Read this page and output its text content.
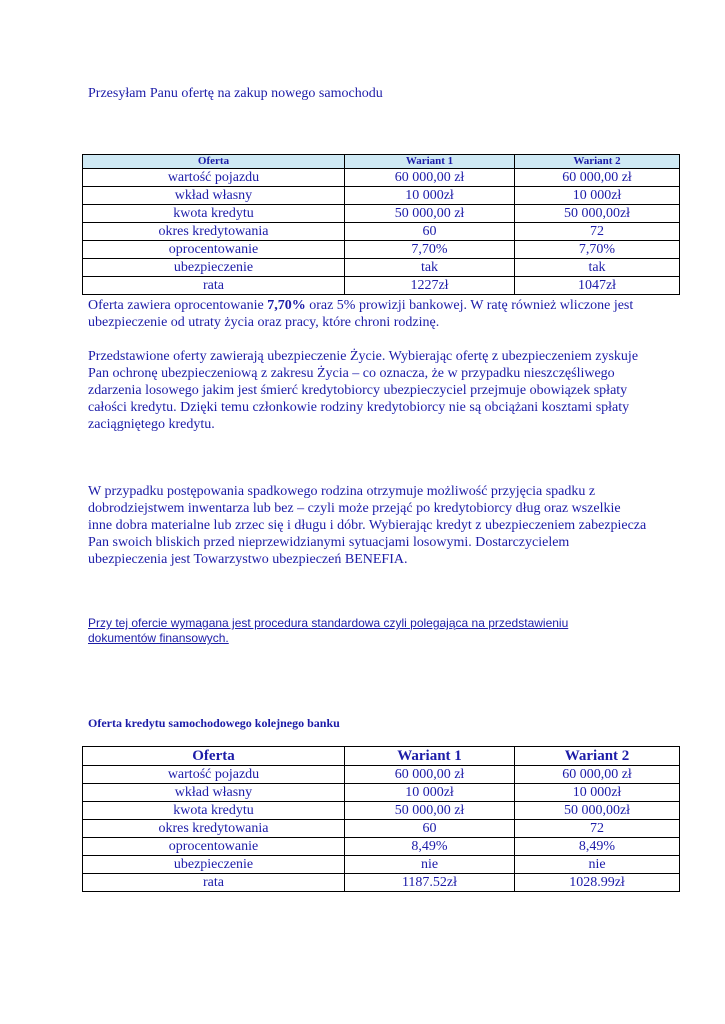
Przesyłam Panu ofertę na zakup nowego samochodu
Oferta	Wariant 1	Wariant 2
wartość pojazdu	60 000,00 zł	60 000,00 zł
wkład własny	10 000zł	10 000zł
kwota kredytu	50 000,00 zł	50 000,00zł
okres kredytowania	60	72
oprocentowanie	7,70%	7,70%
ubezpieczenie	tak	tak
rata	1227zł	1047zł
Oferta zawiera oprocentowanie 7,70% oraz 5% prowizji bankowej. W ratę również wliczone jest ubezpieczenie od utraty życia oraz pracy, które chroni rodzinę.
Przedstawione oferty zawierają ubezpieczenie Życie. Wybierając ofertę z ubezpieczeniem zyskuje Pan ochronę ubezpieczeniową z zakresu Życia – co oznacza, że w przypadku nieszczęśliwego zdarzenia losowego jakim jest śmierć kredytobiorcy ubezpieczyciel przejmuje obowiązek spłaty całości kredytu. Dzięki temu członkowie rodziny kredytobiorcy nie są obciążani kosztami spłaty zaciągniętego kredytu.
W przypadku postępowania spadkowego rodzina otrzymuje możliwość przyjęcia spadku z dobrodziejstwem inwentarza lub bez – czyli może przejąć po kredytobiorcy dług oraz wszelkie inne dobra materialne lub zrzec się i długu i dóbr. Wybierając kredyt z ubezpieczeniem zabezpiecza Pan swoich bliskich przed nieprzewidzianymi sytuacjami losowymi. Dostarczycielem ubezpieczenia jest Towarzystwo ubezpieczeń BENEFIA.
Przy tej ofercie wymagana jest procedura standardowa czyli polegająca na przedstawieniu dokumentów finansowych.
Oferta kredytu samochodowego kolejnego banku
Oferta	Wariant 1	Wariant 2
wartość pojazdu	60 000,00 zł	60 000,00 zł
wkład własny	10 000zł	10 000zł
kwota kredytu	50 000,00 zł	50 000,00zł
okres kredytowania	60	72
oprocentowanie	8,49%	8,49%
ubezpieczenie	nie	nie
rata	1187.52zł	1028.99zł
